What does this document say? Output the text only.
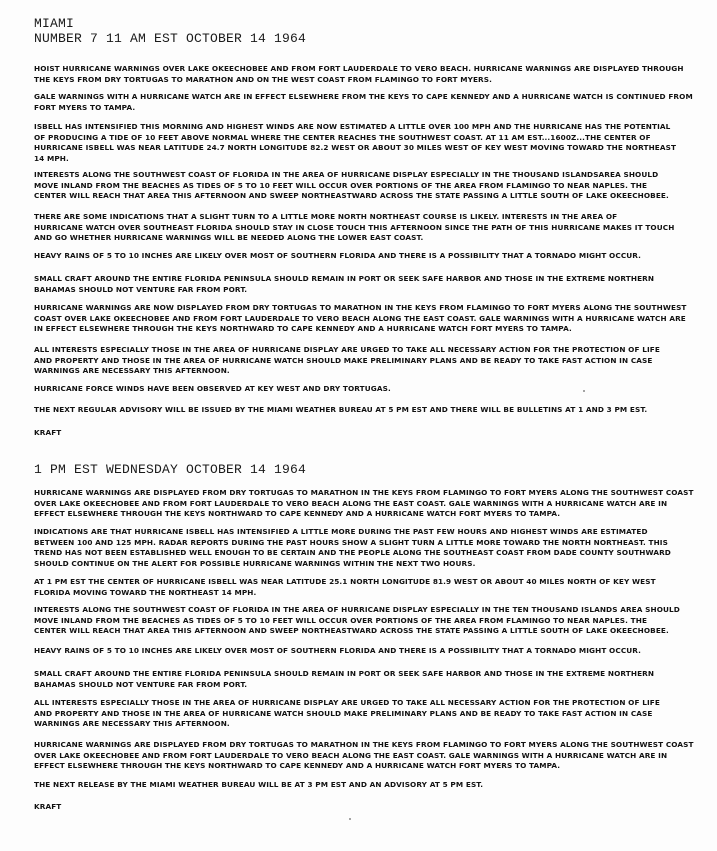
MIAMI
NUMBER 7 11 AM EST OCTOBER 14 1964

HOIST HURRICANE WARNINGS OVER LAKE OKEECHOBEE AND FROM FORT LAUDERDALE TO VERO BEACH. HURRICANE WARNINGS ARE DISPLAYED THROUGH
THE KEYS FROM DRY TORTUGAS TO MARATHON AND ON THE WEST COAST FROM FLAMINGO TO FORT MYERS.

GALE WARNINGS WITH A HURRICANE WATCH ARE IN EFFECT ELSEWHERE FROM THE KEYS TO CAPE KENNEDY AND A HURRICANE WATCH IS CONTINUED FROM
FORT MYERS TO TAMPA.

ISBELL HAS INTENSIFIED THIS MORNING AND HIGHEST WINDS ARE NOW ESTIMATED A LITTLE OVER 100 MPH AND THE HURRICANE HAS THE POTENTIAL
OF PRODUCING A TIDE OF 10 FEET ABOVE NORMAL WHERE THE CENTER REACHES THE SOUTHWEST COAST. AT 11 AM EST...1600Z...THE CENTER OF
HURRICANE ISBELL WAS NEAR LATITUDE 24.7 NORTH LONGITUDE 82.2 WEST OR ABOUT 30 MILES WEST OF KEY WEST MOVING TOWARD THE NORTHEAST
14 MPH.

INTERESTS ALONG THE SOUTHWEST COAST OF FLORIDA IN THE AREA OF HURRICANE DISPLAY ESPECIALLY IN THE THOUSAND ISLANDSAREA SHOULD
MOVE INLAND FROM THE BEACHES AS TIDES OF 5 TO 10 FEET WILL OCCUR OVER PORTIONS OF THE AREA FROM FLAMINGO TO NEAR NAPLES. THE
CENTER WILL REACH THAT AREA THIS AFTERNOON AND SWEEP NORTHEASTWARD ACROSS THE STATE PASSING A LITTLE SOUTH OF LAKE OKEECHOBEE.

THERE ARE SOME INDICATIONS THAT A SLIGHT TURN TO A LITTLE MORE NORTH NORTHEAST COURSE IS LIKELY. INTERESTS IN THE AREA OF
HURRICANE WATCH OVER SOUTHEAST FLORIDA SHOULD STAY IN CLOSE TOUCH THIS AFTERNOON SINCE THE PATH OF THIS HURRICANE MAKES IT TOUCH
AND GO WHETHER HURRICANE WARNINGS WILL BE NEEDED ALONG THE LOWER EAST COAST.

HEAVY RAINS OF 5 TO 10 INCHES ARE LIKELY OVER MOST OF SOUTHERN FLORIDA AND THERE IS A POSSIBILITY THAT A TORNADO MIGHT OCCUR.

SMALL CRAFT AROUND THE ENTIRE FLORIDA PENINSULA SHOULD REMAIN IN PORT OR SEEK SAFE HARBOR AND THOSE IN THE EXTREME NORTHERN
BAHAMAS SHOULD NOT VENTURE FAR FROM PORT.

HURRICANE WARNINGS ARE NOW DISPLAYED FROM DRY TORTUGAS TO MARATHON IN THE KEYS FROM FLAMINGO TO FORT MYERS ALONG THE SOUTHWEST
COAST OVER LAKE OKEECHOBEE AND FROM FORT LAUDERDALE TO VERO BEACH ALONG THE EAST COAST. GALE WARNINGS WITH A HURRICANE WATCH ARE
IN EFFECT ELSEWHERE THROUGH THE KEYS NORTHWARD TO CAPE KENNEDY AND A HURRICANE WATCH FORT MYERS TO TAMPA.

ALL INTERESTS ESPECIALLY THOSE IN THE AREA OF HURRICANE DISPLAY ARE URGED TO TAKE ALL NECESSARY ACTION FOR THE PROTECTION OF LIFE
AND PROPERTY AND THOSE IN THE AREA OF HURRICANE WATCH SHOULD MAKE PRELIMINARY PLANS AND BE READY TO TAKE FAST ACTION IN CASE
WARNINGS ARE NECESSARY THIS AFTERNOON.

HURRICANE FORCE WINDS HAVE BEEN OBSERVED AT KEY WEST AND DRY TORTUGAS.

THE NEXT REGULAR ADVISORY WILL BE ISSUED BY THE MIAMI WEATHER BUREAU AT 5 PM EST AND THERE WILL BE BULLETINS AT 1 AND 3 PM EST.

KRAFT

1 PM EST WEDNESDAY OCTOBER 14 1964

HURRICANE WARNINGS ARE DISPLAYED FROM DRY TORTUGAS TO MARATHON IN THE KEYS FROM FLAMINGO TO FORT MYERS ALONG THE SOUTHWEST COAST
OVER LAKE OKEECHOBEE AND FROM FORT LAUDERDALE TO VERO BEACH ALONG THE EAST COAST. GALE WARNINGS WITH A HURRICANE WATCH ARE IN
EFFECT ELSEWHERE THROUGH THE KEYS NORTHWARD TO CAPE KENNEDY AND A HURRICANE WATCH FORT MYERS TO TAMPA.

INDICATIONS ARE THAT HURRICANE ISBELL HAS INTENSIFIED A LITTLE MORE DURING THE PAST FEW HOURS AND HIGHEST WINDS ARE ESTIMATED
BETWEEN 100 AND 125 MPH. RADAR REPORTS DURING THE PAST HOURS SHOW A SLIGHT TURN A LITTLE MORE TOWARD THE NORTH NORTHEAST. THIS
TREND HAS NOT BEEN ESTABLISHED WELL ENOUGH TO BE CERTAIN AND THE PEOPLE ALONG THE SOUTHEAST COAST FROM DADE COUNTY SOUTHWARD
SHOULD CONTINUE ON THE ALERT FOR POSSIBLE HURRICANE WARNINGS WITHIN THE NEXT TWO HOURS.

AT 1 PM EST THE CENTER OF HURRICANE ISBELL WAS NEAR LATITUDE 25.1 NORTH LONGITUDE 81.9 WEST OR ABOUT 40 MILES NORTH OF KEY WEST
FLORIDA MOVING TOWARD THE NORTHEAST 14 MPH.

INTERESTS ALONG THE SOUTHWEST COAST OF FLORIDA IN THE AREA OF HURRICANE DISPLAY ESPECIALLY IN THE TEN THOUSAND ISLANDS AREA SHOULD
MOVE INLAND FROM THE BEACHES AS TIDES OF 5 TO 10 FEET WILL OCCUR OVER PORTIONS OF THE AREA FROM FLAMINGO TO NEAR NAPLES. THE
CENTER WILL REACH THAT AREA THIS AFTERNOON AND SWEEP NORTHEASTWARD ACROSS THE STATE PASSING A LITTLE SOUTH OF LAKE OKEECHOBEE.

HEAVY RAINS OF 5 TO 10 INCHES ARE LIKELY OVER MOST OF SOUTHERN FLORIDA AND THERE IS A POSSIBILITY THAT A TORNADO MIGHT OCCUR.

SMALL CRAFT AROUND THE ENTIRE FLORIDA PENINSULA SHOULD REMAIN IN PORT OR SEEK SAFE HARBOR AND THOSE IN THE EXTREME NORTHERN
BAHAMAS SHOULD NOT VENTURE FAR FROM PORT.

ALL INTERESTS ESPECIALLY THOSE IN THE AREA OF HURRICANE DISPLAY ARE URGED TO TAKE ALL NECESSARY ACTION FOR THE PROTECTION OF LIFE
AND PROPERTY AND THOSE IN THE AREA OF HURRICANE WATCH SHOULD MAKE PRELIMINARY PLANS AND BE READY TO TAKE FAST ACTION IN CASE
WARNINGS ARE NECESSARY THIS AFTERNOON.

HURRICANE WARNINGS ARE DISPLAYED FROM DRY TORTUGAS TO MARATHON IN THE KEYS FROM FLAMINGO TO FORT MYERS ALONG THE SOUTHWEST COAST
OVER LAKE OKEECHOBEE AND FROM FORT LAUDERDALE TO VERO BEACH ALONG THE EAST COAST. GALE WARNINGS WITH A HURRICANE WATCH ARE IN
EFFECT ELSEWHERE THROUGH THE KEYS NORTHWARD TO CAPE KENNEDY AND A HURRICANE WATCH FORT MYERS TO TAMPA.

THE NEXT RELEASE BY THE MIAMI WEATHER BUREAU WILL BE AT 3 PM EST AND AN ADVISORY AT 5 PM EST.

KRAFT
